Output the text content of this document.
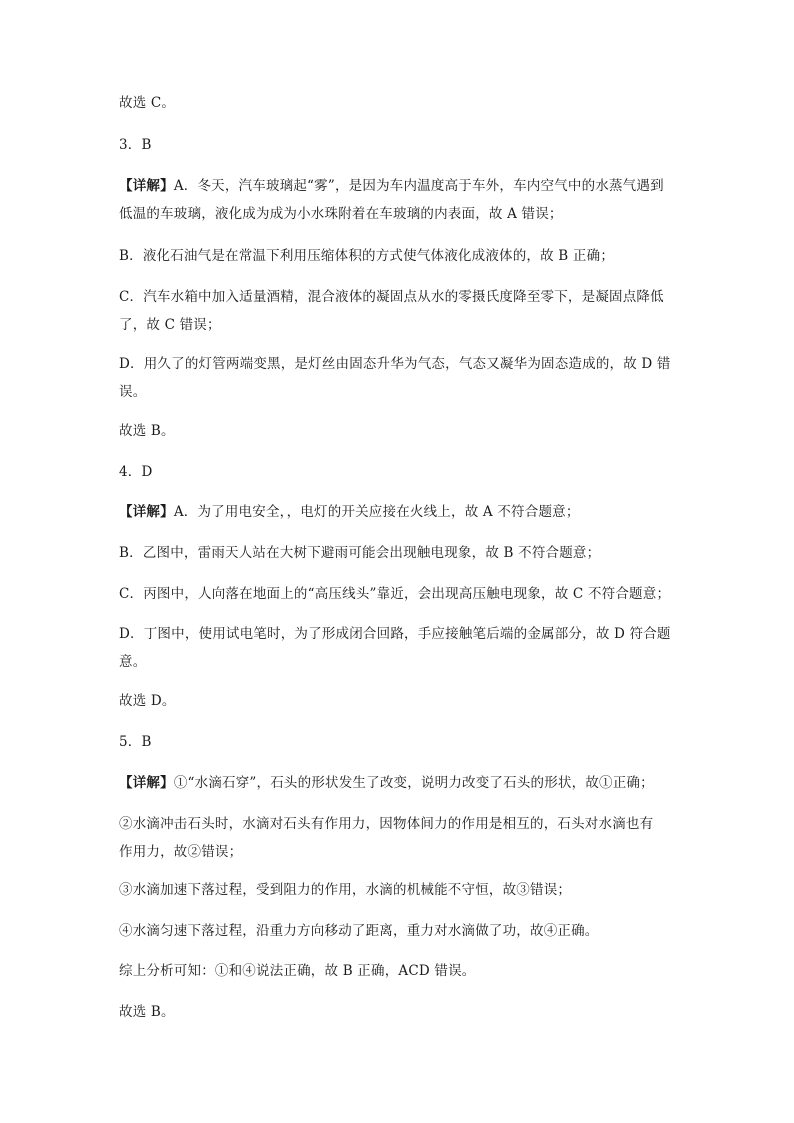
故选 C。
3．B
【详解】A．冬天，汽车玻璃起“雾”，是因为车内温度高于车外，车内空气中的水蒸气遇到
低温的车玻璃，液化成为成为小水珠附着在车玻璃的内表面，故 A 错误；
B．液化石油气是在常温下利用压缩体积的方式使气体液化成液体的，故 B 正确；
C．汽车水箱中加入适量酒精，混合液体的凝固点从水的零摄氏度降至零下，是凝固点降低
了，故 C 错误；
D．用久了的灯管两端变黑，是灯丝由固态升华为气态，气态又凝华为固态造成的，故 D 错
误。
故选 B。
4．D
【详解】A．为了用电安全，，电灯的开关应接在火线上，故 A 不符合题意；
B．乙图中，雷雨天人站在大树下避雨可能会出现触电现象，故 B 不符合题意；
C．丙图中，人向落在地面上的“高压线头”靠近，会出现高压触电现象，故 C 不符合题意；
D．丁图中，使用试电笔时，为了形成闭合回路，手应接触笔后端的金属部分，故 D 符合题
意。
故选 D。
5．B
【详解】①“水滴石穿”，石头的形状发生了改变，说明力改变了石头的形状，故①正确；
②水滴冲击石头时，水滴对石头有作用力，因物体间力的作用是相互的，石头对水滴也有
作用力，故②错误；
③水滴加速下落过程，受到阻力的作用，水滴的机械能不守恒，故③错误；
④水滴匀速下落过程，沿重力方向移动了距离，重力对水滴做了功，故④正确。
综上分析可知：①和④说法正确，故 B 正确，ACD 错误。
故选 B。
